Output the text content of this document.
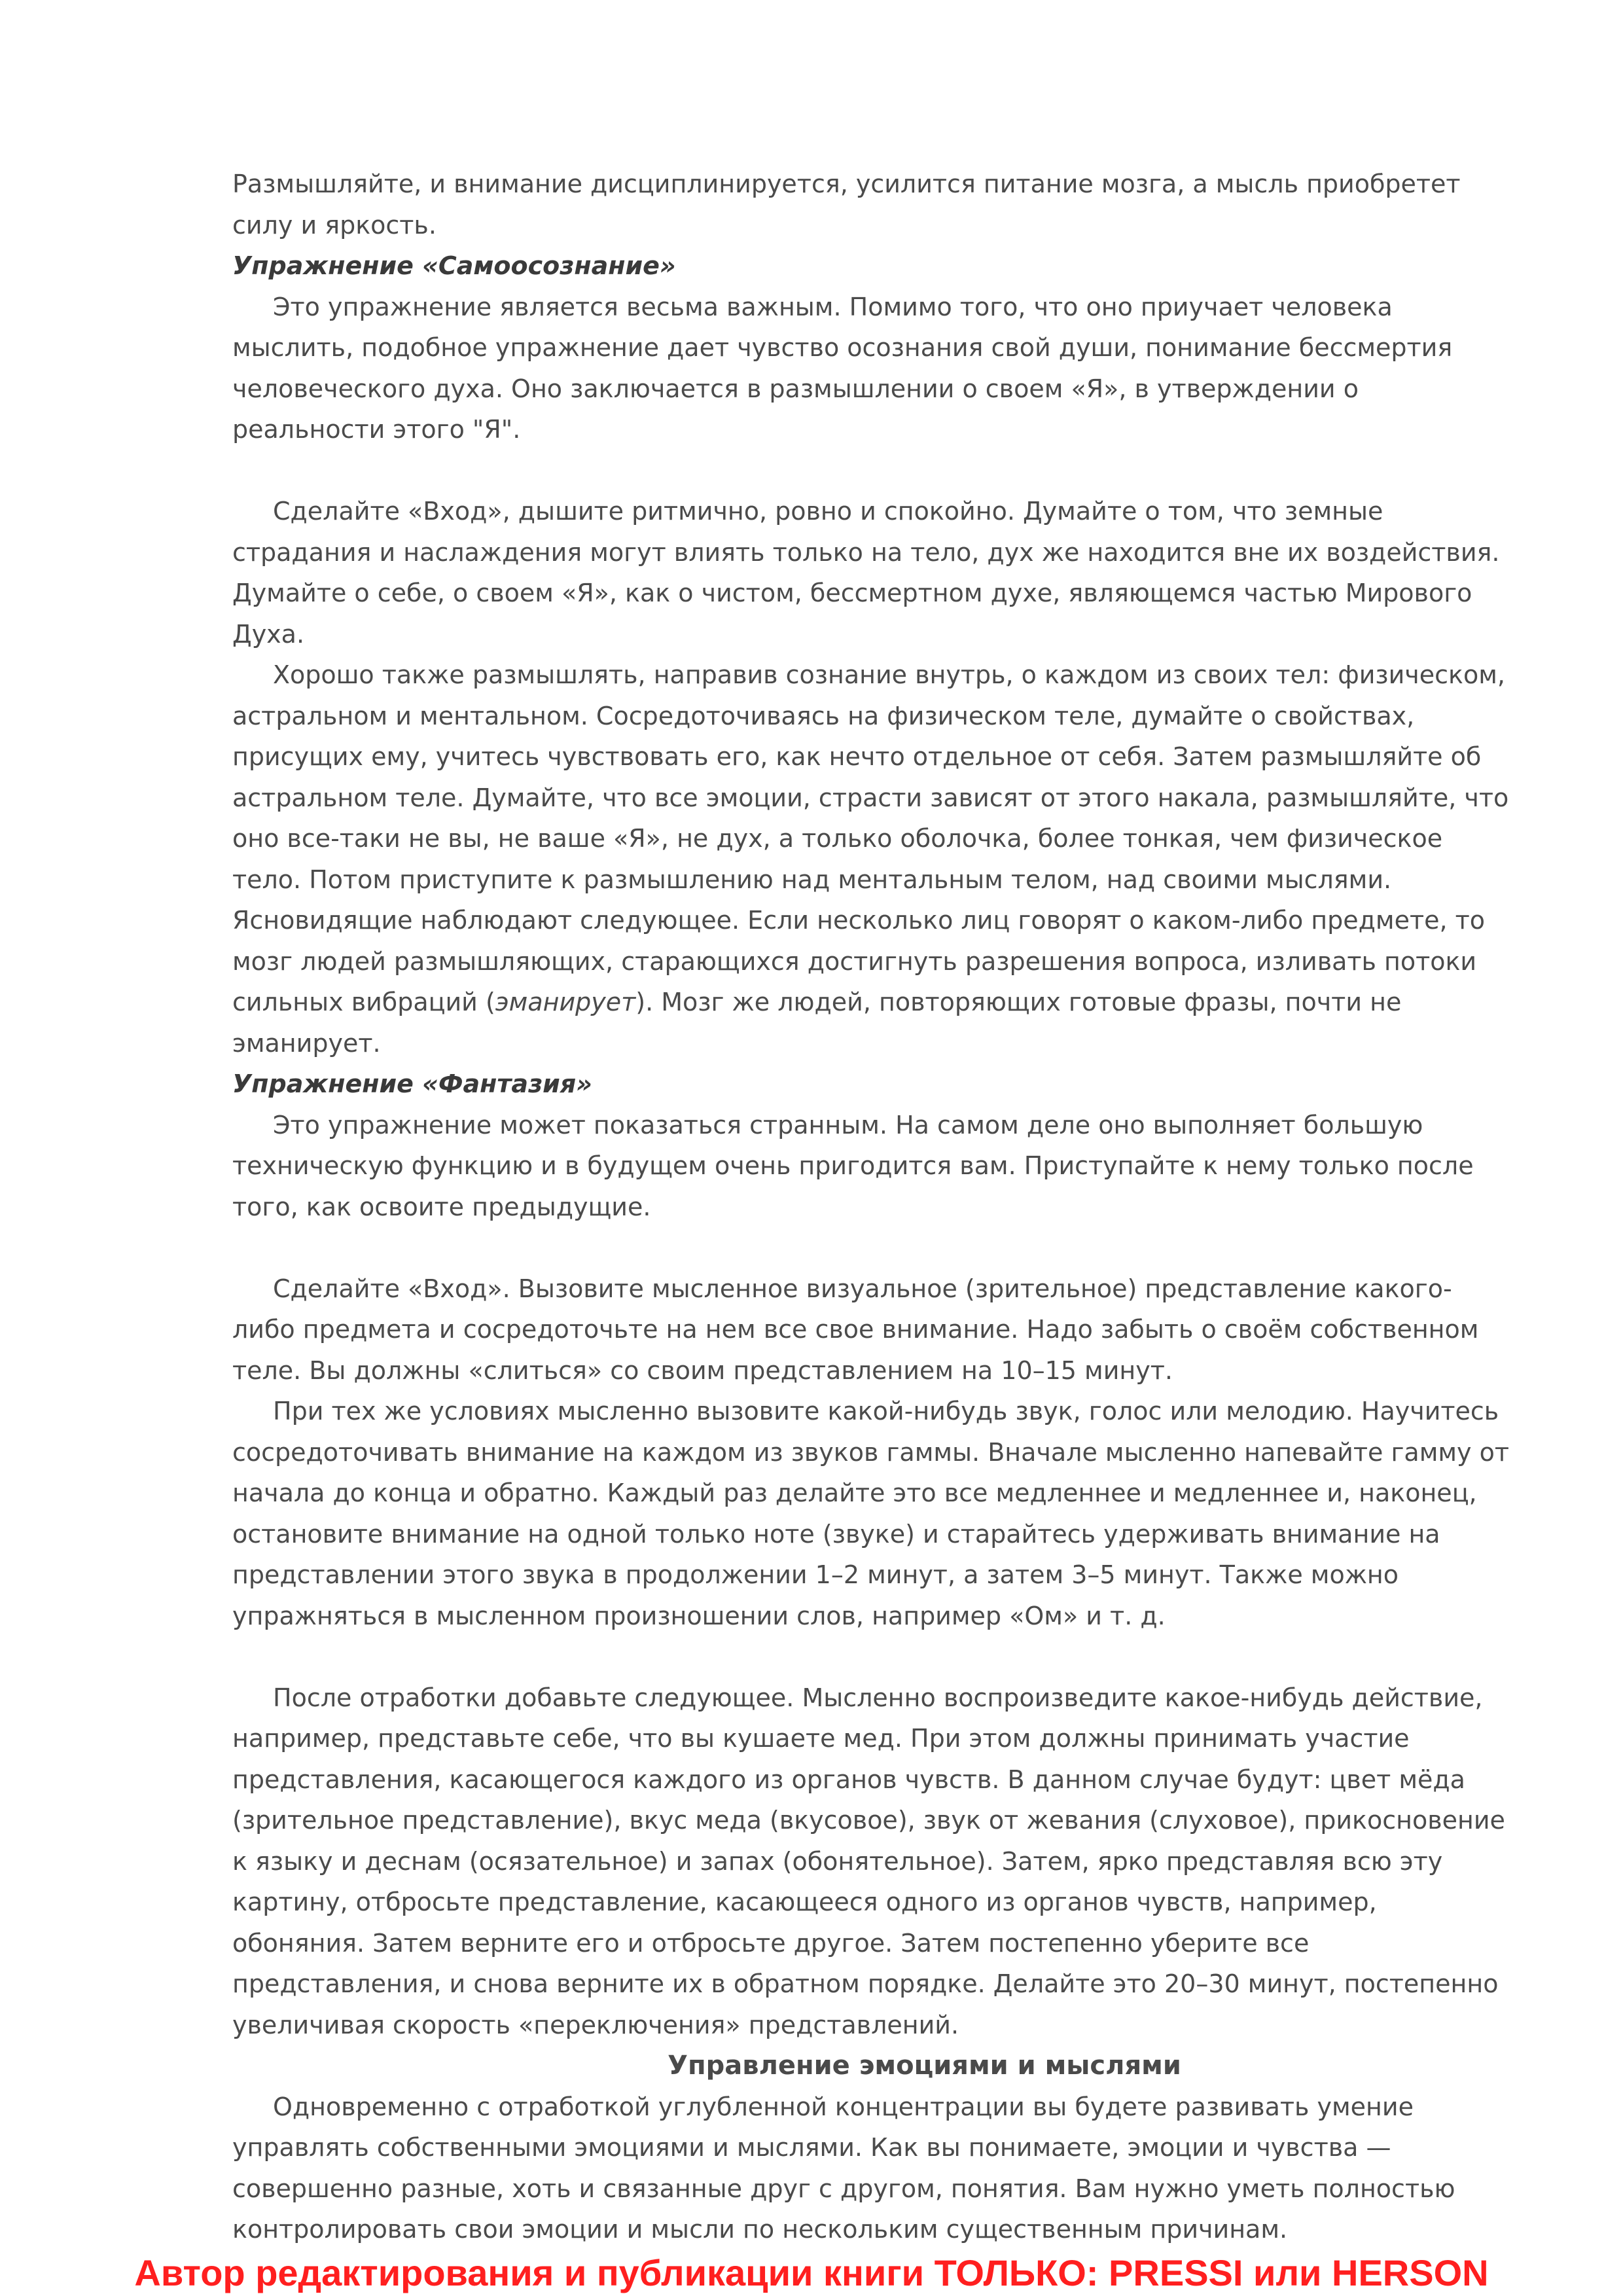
Размышляйте, и внимание дисциплинируется, усилится питание мозга, а мысль приобретет силу и яркость.

Упражнение «Самоосознание»

Это упражнение является весьма важным. Помимо того, что оно приучает человека мыслить, подобное упражнение дает чувство осознания свой души, понимание бессмертия человеческого духа. Оно заключается в размышлении о своем «Я», в утверждении о реальности этого "Я".

Сделайте «Вход», дышите ритмично, ровно и спокойно. Думайте о том, что земные страдания и наслаждения могут влиять только на тело, дух же находится вне их воздействия. Думайте о себе, о своем «Я», как о чистом, бессмертном духе, являющемся частью Мирового Духа.

Хорошо также размышлять, направив сознание внутрь, о каждом из своих тел: физическом, астральном и ментальном. Сосредоточиваясь на физическом теле, думайте о свойствах, присущих ему, учитесь чувствовать его, как нечто отдельное от себя. Затем размышляйте об астральном теле. Думайте, что все эмоции, страсти зависят от этого накала, размышляйте, что оно все-таки не вы, не ваше «Я», не дух, а только оболочка, более тонкая, чем физическое тело. Потом приступите к размышлению над ментальным телом, над своими мыслями. Ясновидящие наблюдают следующее. Если несколько лиц говорят о каком-либо предмете, то мозг людей размышляющих, старающихся достигнуть разрешения вопроса, изливать потоки сильных вибраций (эманирует). Мозг же людей, повторяющих готовые фразы, почти не эманирует.

Упражнение «Фантазия»

Это упражнение может показаться странным. На самом деле оно выполняет большую техническую функцию и в будущем очень пригодится вам. Приступайте к нему только после того, как освоите предыдущие.

Сделайте «Вход». Вызовите мысленное визуальное (зрительное) представление какого-либо предмета и сосредоточьте на нем все свое внимание. Надо забыть о своём собственном теле. Вы должны «слиться» со своим представлением на 10–15 минут.

При тех же условиях мысленно вызовите какой-нибудь звук, голос или мелодию. Научитесь сосредоточивать внимание на каждом из звуков гаммы. Вначале мысленно напевайте гамму от начала до конца и обратно. Каждый раз делайте это все медленнее и медленнее и, наконец, остановите внимание на одной только ноте (звуке) и старайтесь удерживать внимание на представлении этого звука в продолжении 1–2 минут, а затем 3–5 минут. Также можно упражняться в мысленном произношении слов, например «Ом» и т. д.

После отработки добавьте следующее. Мысленно воспроизведите какое-нибудь действие, например, представьте себе, что вы кушаете мед. При этом должны принимать участие представления, касающегося каждого из органов чувств. В данном случае будут: цвет мёда (зрительное представление), вкус меда (вкусовое), звук от жевания (слуховое), прикосновение к языку и деснам (осязательное) и запах (обонятельное). Затем, ярко представляя всю эту картину, отбросьте представление, касающееся одного из органов чувств, например, обоняния. Затем верните его и отбросьте другое. Затем постепенно уберите все представления, и снова верните их в обратном порядке. Делайте это 20–30 минут, постепенно увеличивая скорость «переключения» представлений.

Управление эмоциями и мыслями

Одновременно с отработкой углубленной концентрации вы будете развивать умение управлять собственными эмоциями и мыслями. Как вы понимаете, эмоции и чувства — совершенно разные, хоть и связанные друг с другом, понятия. Вам нужно уметь полностью контролировать свои эмоции и мысли по нескольким существенным причинам.

Автор редактирования и публикации книги ТОЛЬКО: PRESSI или HERSON
